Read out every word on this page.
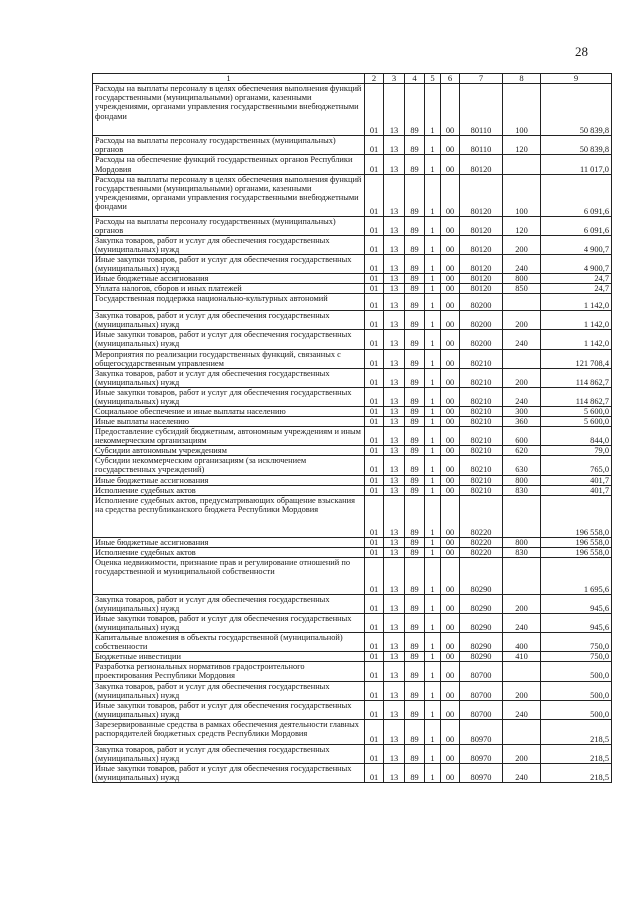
28
1	2	3	4	5	6	7	8	9
Расходы на выплаты персоналу в целях обеспечения выполнения функций государственными (муниципальными) органами, казенными учреждениями, органами управления государственными внебюджетными фондами	01	13	89	1	00	80110	100	50 839,8
Расходы на выплаты персоналу государственных (муниципальных) органов	01	13	89	1	00	80110	120	50 839,8
Расходы на обеспечение функций государственных органов Республики Мордовия	01	13	89	1	00	80120		11 017,0
Расходы на выплаты персоналу в целях обеспечения выполнения функций государственными (муниципальными) органами, казенными учреждениями, органами управления государственными внебюджетными фондами	01	13	89	1	00	80120	100	6 091,6
Расходы на выплаты персоналу государственных (муниципальных) органов	01	13	89	1	00	80120	120	6 091,6
Закупка товаров, работ и услуг для обеспечения государственных (муниципальных) нужд	01	13	89	1	00	80120	200	4 900,7
Иные закупки товаров, работ и услуг для обеспечения государственных (муниципальных) нужд	01	13	89	1	00	80120	240	4 900,7
Иные бюджетные ассигнования	01	13	89	1	00	80120	800	24,7
Уплата налогов, сборов и иных платежей	01	13	89	1	00	80120	850	24,7
Государственная поддержка национально-культурных автономий	01	13	89	1	00	80200		1 142,0
Закупка товаров, работ и услуг для обеспечения государственных (муниципальных) нужд	01	13	89	1	00	80200	200	1 142,0
Иные закупки товаров, работ и услуг для обеспечения государственных (муниципальных) нужд	01	13	89	1	00	80200	240	1 142,0
Мероприятия по реализации государственных функций, связанных с общегосударственным управлением	01	13	89	1	00	80210		121 708,4
Закупка товаров, работ и услуг для обеспечения государственных (муниципальных) нужд	01	13	89	1	00	80210	200	114 862,7
Иные закупки товаров, работ и услуг для обеспечения государственных (муниципальных) нужд	01	13	89	1	00	80210	240	114 862,7
Социальное обеспечение и иные выплаты населению	01	13	89	1	00	80210	300	5 600,0
Иные выплаты населению	01	13	89	1	00	80210	360	5 600,0
Предоставление субсидий бюджетным, автономным учреждениям и иным некоммерческим организациям	01	13	89	1	00	80210	600	844,0
Субсидии автономным учреждениям	01	13	89	1	00	80210	620	79,0
Субсидии некоммерческим организациям (за исключением государственных учреждений)	01	13	89	1	00	80210	630	765,0
Иные бюджетные ассигнования	01	13	89	1	00	80210	800	401,7
Исполнение судебных актов	01	13	89	1	00	80210	830	401,7
Исполнение судебных актов, предусматривающих обращение взыскания на средства республиканского бюджета Республики Мордовия	01	13	89	1	00	80220		196 558,0
Иные бюджетные ассигнования	01	13	89	1	00	80220	800	196 558,0
Исполнение судебных актов	01	13	89	1	00	80220	830	196 558,0
Оценка недвижимости, признание прав и регулирование отношений по государственной и муниципальной собственности	01	13	89	1	00	80290		1 695,6
Закупка товаров, работ и услуг для обеспечения государственных (муниципальных) нужд	01	13	89	1	00	80290	200	945,6
Иные закупки товаров, работ и услуг для обеспечения государственных (муниципальных) нужд	01	13	89	1	00	80290	240	945,6
Капитальные вложения в объекты государственной (муниципальной) собственности	01	13	89	1	00	80290	400	750,0
Бюджетные инвестиции	01	13	89	1	00	80290	410	750,0
Разработка региональных нормативов градостроительного проектирования Республики Мордовия	01	13	89	1	00	80700		500,0
Закупка товаров, работ и услуг для обеспечения государственных (муниципальных) нужд	01	13	89	1	00	80700	200	500,0
Иные закупки товаров, работ и услуг для обеспечения государственных (муниципальных) нужд	01	13	89	1	00	80700	240	500,0
Зарезервированные средства в рамках обеспечения деятельности главных распорядителей бюджетных средств Республики Мордовия	01	13	89	1	00	80970		218,5
Закупка товаров, работ и услуг для обеспечения государственных (муниципальных) нужд	01	13	89	1	00	80970	200	218,5
Иные закупки товаров, работ и услуг для обеспечения государственных (муниципальных) нужд	01	13	89	1	00	80970	240	218,5
